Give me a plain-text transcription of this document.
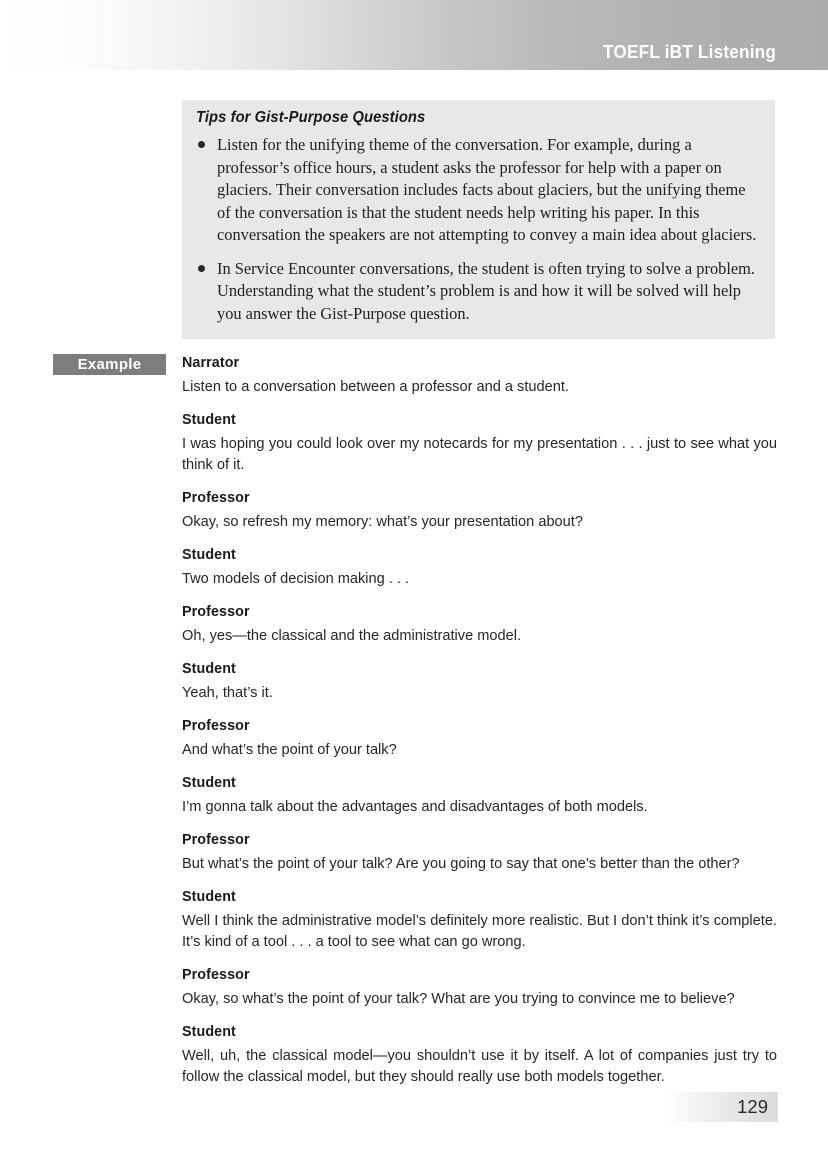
TOEFL iBT Listening
Tips for Gist-Purpose Questions
Listen for the unifying theme of the conversation. For example, during a professor’s office hours, a student asks the professor for help with a paper on glaciers. Their conversation includes facts about glaciers, but the unifying theme of the conversation is that the student needs help writing his paper. In this conversation the speakers are not attempting to convey a main idea about glaciers.
In Service Encounter conversations, the student is often trying to solve a problem. Understanding what the student’s problem is and how it will be solved will help you answer the Gist-Purpose question.
Example	Narrator
Listen to a conversation between a professor and a student.
Student
I was hoping you could look over my notecards for my presentation . . . just to see what you think of it.
Professor
Okay, so refresh my memory: what’s your presentation about?
Student
Two models of decision making . . .
Professor
Oh, yes—the classical and the administrative model.
Student
Yeah, that’s it.
Professor
And what’s the point of your talk?
Student
I’m gonna talk about the advantages and disadvantages of both models.
Professor
But what’s the point of your talk? Are you going to say that one’s better than the other?
Student
Well I think the administrative model’s definitely more realistic. But I don’t think it’s complete. It’s kind of a tool . . . a tool to see what can go wrong.
Professor
Okay, so what’s the point of your talk? What are you trying to convince me to believe?
Student
Well, uh, the classical model—you shouldn’t use it by itself. A lot of companies just try to follow the classical model, but they should really use both models together.
129
